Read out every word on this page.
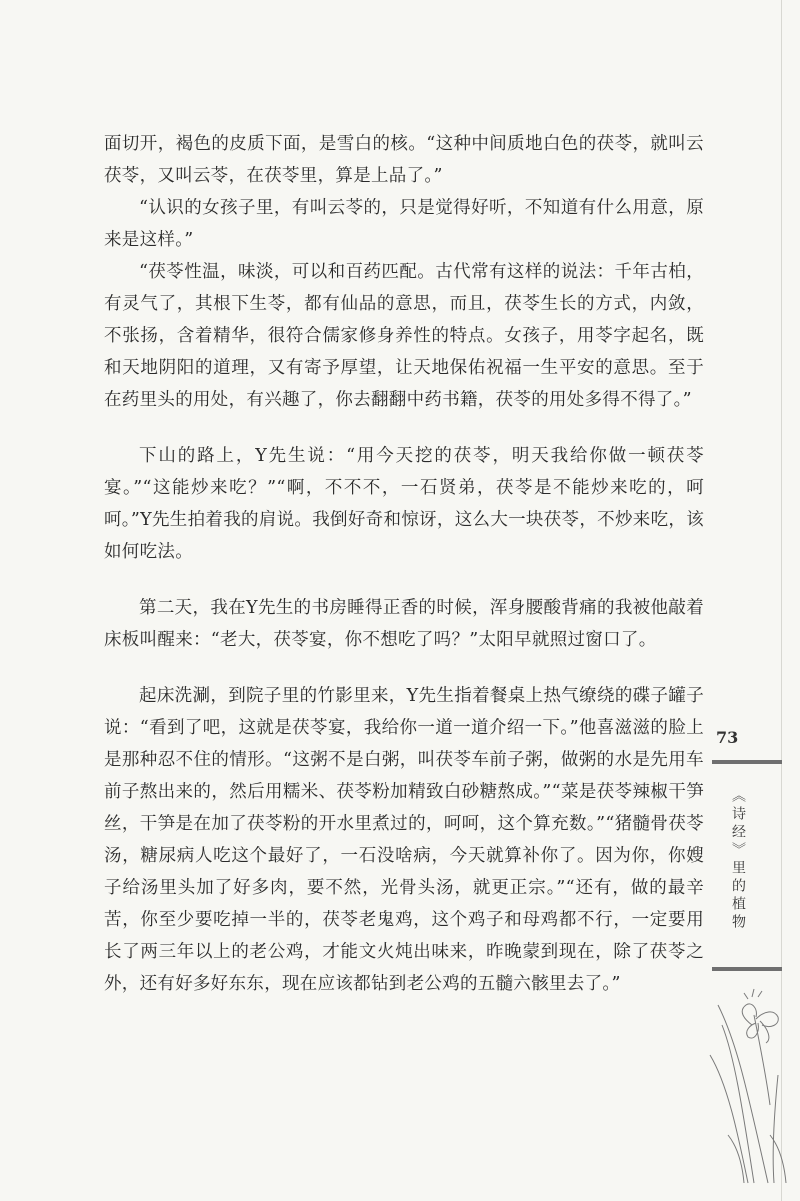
面切开，褐色的皮质下面，是雪白的核。“这种中间质地白色的茯苓，就叫云茯苓，又叫云苓，在茯苓里，算是上品了。”

“认识的女孩子里，有叫云苓的，只是觉得好听，不知道有什么用意，原来是这样。”

“茯苓性温，味淡，可以和百药匹配。古代常有这样的说法：千年古柏，有灵气了，其根下生苓，都有仙品的意思，而且，茯苓生长的方式，内敛，不张扬，含着精华，很符合儒家修身养性的特点。女孩子，用苓字起名，既和天地阴阳的道理，又有寄予厚望，让天地保佑祝福一生平安的意思。至于在药里头的用处，有兴趣了，你去翻翻中药书籍，茯苓的用处多得不得了。”

下山的路上，Y先生说：“用今天挖的茯苓，明天我给你做一顿茯苓宴。”“这能炒来吃？”“啊，不不不，一石贤弟，茯苓是不能炒来吃的，呵呵。”Y先生拍着我的肩说。我倒好奇和惊讶，这么大一块茯苓，不炒来吃，该如何吃法。

第二天，我在Y先生的书房睡得正香的时候，浑身腰酸背痛的我被他敲着床板叫醒来：“老大，茯苓宴，你不想吃了吗？”太阳早就照过窗口了。

起床洗涮，到院子里的竹影里来，Y先生指着餐桌上热气缭绕的碟子罐子说：“看到了吧，这就是茯苓宴，我给你一道一道介绍一下。”他喜滋滋的脸上是那种忍不住的情形。“这粥不是白粥，叫茯苓车前子粥，做粥的水是先用车前子熬出来的，然后用糯米、茯苓粉加精致白砂糖熬成。”“菜是茯苓辣椒干笋丝，干笋是在加了茯苓粉的开水里煮过的，呵呵，这个算充数。”“猪髓骨茯苓汤，糖尿病人吃这个最好了，一石没啥病，今天就算补你了。因为你，你嫂子给汤里头加了好多肉，要不然，光骨头汤，就更正宗。”“还有，做的最辛苦，你至少要吃掉一半的，茯苓老鬼鸡，这个鸡子和母鸡都不行，一定要用长了两三年以上的老公鸡，才能文火炖出味来，昨晚蒙到现在，除了茯苓之外，还有好多好东东，现在应该都钻到老公鸡的五髓六骸里去了。”

73
《诗经》里的植物
